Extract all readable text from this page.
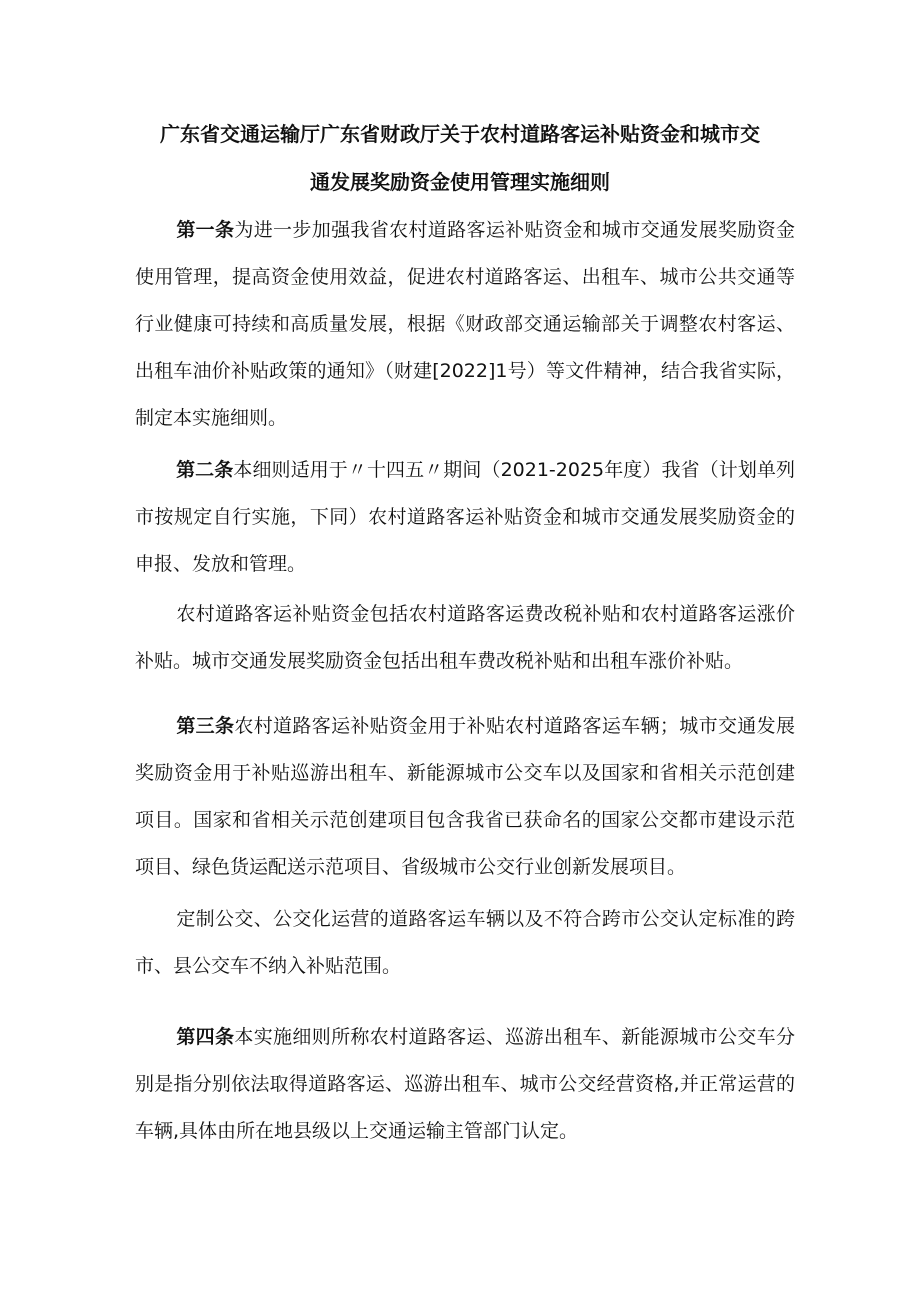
广东省交通运输厅广东省财政厅关于农村道路客运补贴资金和城市交
通发展奖励资金使用管理实施细则

第一条为进一步加强我省农村道路客运补贴资金和城市交通发展奖励资金使用管理，提高资金使用效益，促进农村道路客运、出租车、城市公共交通等行业健康可持续和高质量发展，根据《财政部交通运输部关于调整农村客运、出租车油价补贴政策的通知》（财建[2022]1号）等文件精神，结合我省实际，制定本实施细则。

第二条本细则适用于〃十四五〃期间（2021-2025年度）我省（计划单列市按规定自行实施，下同）农村道路客运补贴资金和城市交通发展奖励资金的申报、发放和管理。

农村道路客运补贴资金包括农村道路客运费改税补贴和农村道路客运涨价补贴。城市交通发展奖励资金包括出租车费改税补贴和出租车涨价补贴。

第三条农村道路客运补贴资金用于补贴农村道路客运车辆；城市交通发展奖励资金用于补贴巡游出租车、新能源城市公交车以及国家和省相关示范创建项目。国家和省相关示范创建项目包含我省已获命名的国家公交都市建设示范项目、绿色货运配送示范项目、省级城市公交行业创新发展项目。

定制公交、公交化运营的道路客运车辆以及不符合跨市公交认定标准的跨市、县公交车不纳入补贴范围。

第四条本实施细则所称农村道路客运、巡游出租车、新能源城市公交车分别是指分别依法取得道路客运、巡游出租车、城市公交经营资格,并正常运营的车辆,具体由所在地县级以上交通运输主管部门认定。
